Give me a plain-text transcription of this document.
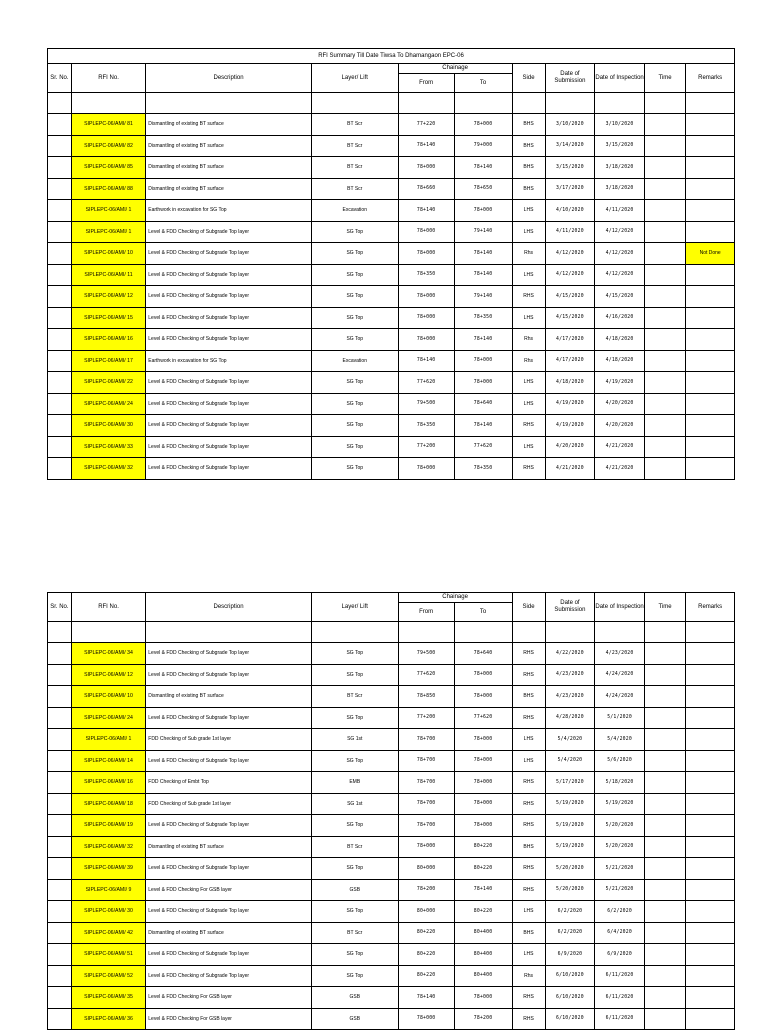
RFI Summary Till Date Tiwsa To Dhamangaon EPC-06										
Sr. No.	RFI No.	Description	Layer/ Lift	Chainage		Side	Date of Submission	Date of Inspection	Time	Remarks
				From	To					

	SIPLEPC-06/AMI/ 81	Dismantling of existing BT surface	BT Scr	77+220	78+000	BHS	3/10/2020	3/10/2020		
	SIPLEPC-06/AMI/ 82	Dismantling of existing BT surface	BT Scr	78+140	79+000	BHS	3/14/2020	3/15/2020		
	SIPLEPC-06/AMI/ 85	Dismantling of existing BT surface	BT Scr	78+000	78+140	BHS	3/15/2020	3/18/2020		
	SIPLEPC-06/AMI/ 88	Dismantling of existing BT surface	BT Scr	78+660	78+650	BHS	3/17/2020	3/18/2020		
	SIPLEPC-06/AMI/ 1	Earthwork in excavation for SG Top	Excavation	78+140	78+000	LHS	4/10/2020	4/11/2020		
	SIPLEPC-06/AMI/ 1	Level & FDD Checking of Subgrade Top layer	SG Top	78+000	79+140	LHS	4/11/2020	4/12/2020		
	SIPLEPC-06/AMI/ 10	Level & FDD Checking of Subgrade Top layer	SG Top	78+000	78+140	Rhs	4/12/2020	4/12/2020		Not Done
	SIPLEPC-06/AMI/ 11	Level & FDD Checking of Subgrade Top layer	SG Top	78+350	78+140	LHS	4/12/2020	4/12/2020		
	SIPLEPC-06/AMI/ 12	Level & FDD Checking of Subgrade Top layer	SG Top	78+000	79+140	RHS	4/15/2020	4/15/2020		
	SIPLEPC-06/AMI/ 15	Level & FDD Checking of Subgrade Top layer	SG Top	78+000	78+350	LHS	4/15/2020	4/16/2020		
	SIPLEPC-06/AMI/ 16	Level & FDD Checking of Subgrade Top layer	SG Top	78+000	78+140	Rhs	4/17/2020	4/18/2020		
	SIPLEPC-06/AMI/ 17	Earthwork in excavation for SG Top	Excavation	78+140	78+000	Rhs	4/17/2020	4/18/2020		
	SIPLEPC-06/AMI/ 22	Level & FDD Checking of Subgrade Top layer	SG Top	77+620	78+000	LHS	4/18/2020	4/19/2020		
	SIPLEPC-06/AMI/ 24	Level & FDD Checking of Subgrade Top layer	SG Top	79+500	78+640	LHS	4/19/2020	4/20/2020		
	SIPLEPC-06/AMI/ 30	Level & FDD Checking of Subgrade Top layer	SG Top	78+350	78+140	RHS	4/19/2020	4/20/2020		
	SIPLEPC-06/AMI/ 33	Level & FDD Checking of Subgrade Top layer	SG Top	77+200	77+620	LHS	4/20/2020	4/21/2020		
	SIPLEPC-06/AMI/ 32	Level & FDD Checking of Subgrade Top layer	SG Top	78+000	78+350	RHS	4/21/2020	4/21/2020		
Sr. No.	RFI No.	Description	Layer/ Lift	Chainage		Side	Date of Submission	Date of Inspection	Time	Remarks
				From	To					

	SIPLEPC-06/AMI/ 34	Level & FDD Checking of Subgrade Top layer	SG Top	79+500	78+640	RHS	4/22/2020	4/23/2020		
	SIPLEPC-06/AMI/ 12	Level & FDD Checking of Subgrade Top layer	SG Top	77+620	78+000	RHS	4/23/2020	4/24/2020		
	SIPLEPC-06/AMI/ 10	Dismantling of existing BT surface	BT Scr	78+850	78+000	BHS	4/23/2020	4/24/2020		
	SIPLEPC-06/AMI/ 24	Level & FDD Checking of Subgrade Top layer	SG Top	77+200	77+620	RHS	4/28/2020	5/1/2020		
	SIPLEPC-06/AMI/ 1	FDD Checking of Sub grade 1st layer	SG 1st	78+700	78+000	LHS	5/4/2020	5/4/2020		
	SIPLEPC-06/AMI/ 14	Level & FDD Checking of Subgrade Top layer	SG Top	78+700	78+000	LHS	5/4/2020	5/6/2020		
	SIPLEPC-06/AMI/ 16	FDD Checking of Embt Top	EMB	78+700	78+000	RHS	5/17/2020	5/18/2020		
	SIPLEPC-06/AMI/ 18	FDD Checking of Sub grade 1st layer	SG 1st	78+700	78+000	RHS	5/19/2020	5/19/2020		
	SIPLEPC-06/AMI/ 19	Level & FDD Checking of Subgrade Top layer	SG Top	78+700	78+000	RHS	5/19/2020	5/20/2020		
	SIPLEPC-06/AMI/ 32	Dismantling of existing BT surface	BT Scr	78+000	80+220	BHS	5/19/2020	5/20/2020		
	SIPLEPC-06/AMI/ 39	Level & FDD Checking of Subgrade Top layer	SG Top	80+000	80+220	RHS	5/20/2020	5/21/2020		
	SIPLEPC-06/AMI/ 9	Level & FDD Checking For GSB layer	GSB	78+200	78+140	RHS	5/20/2020	5/21/2020		
	SIPLEPC-06/AMI/ 30	Level & FDD Checking of Subgrade Top layer	SG Top	80+000	80+220	LHS	6/2/2020	6/2/2020		
	SIPLEPC-06/AMI/ 42	Dismantling of existing BT surface	BT Scr	80+220	80+400	BHS	6/2/2020	6/4/2020		
	SIPLEPC-06/AMI/ 51	Level & FDD Checking of Subgrade Top layer	SG Top	80+220	80+400	LHS	6/9/2020	6/9/2020		
	SIPLEPC-06/AMI/ 52	Level & FDD Checking of Subgrade Top layer	SG Top	80+220	80+400	Rhs	6/10/2020	6/11/2020		
	SIPLEPC-06/AMI/ 35	Level & FDD Checking For GSB layer	GSB	78+140	78+000	RHS	6/10/2020	6/11/2020		
	SIPLEPC-06/AMI/ 36	Level & FDD Checking For GSB layer	GSB	78+000	78+200	RHS	6/10/2020	6/11/2020		
